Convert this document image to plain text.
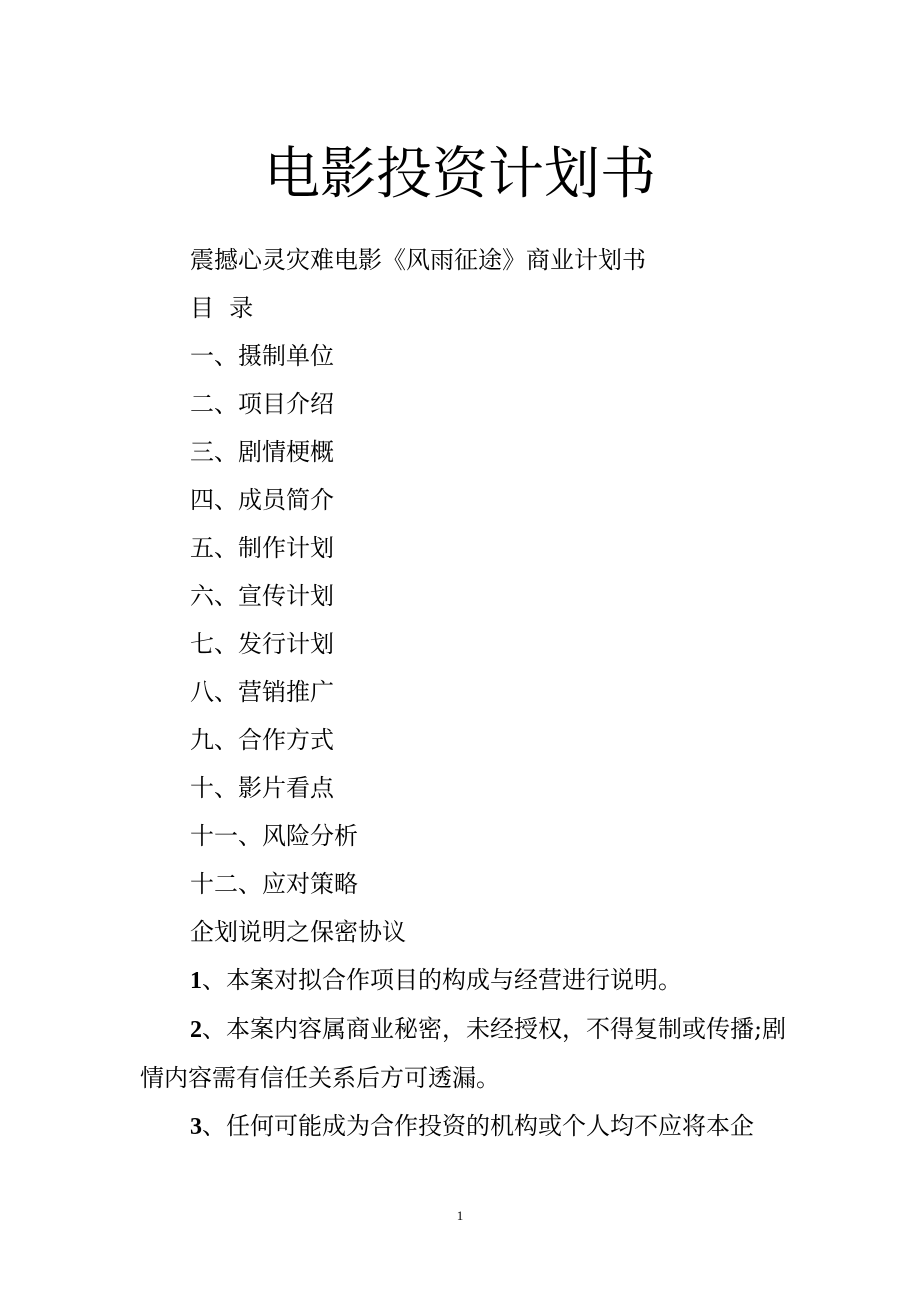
电影投资计划书

震撼心灵灾难电影《风雨征途》商业计划书

目  录

一、摄制单位

二、项目介绍

三、剧情梗概

四、成员简介

五、制作计划

六、宣传计划

七、发行计划

八、营销推广

九、合作方式

十、影片看点

十一、风险分析

十二、应对策略

企划说明之保密协议

1、本案对拟合作项目的构成与经营进行说明。

2、本案内容属商业秘密，未经授权，不得复制或传播;剧情内容需有信任关系后方可透漏。

3、任何可能成为合作投资的机构或个人均不应将本企

1
